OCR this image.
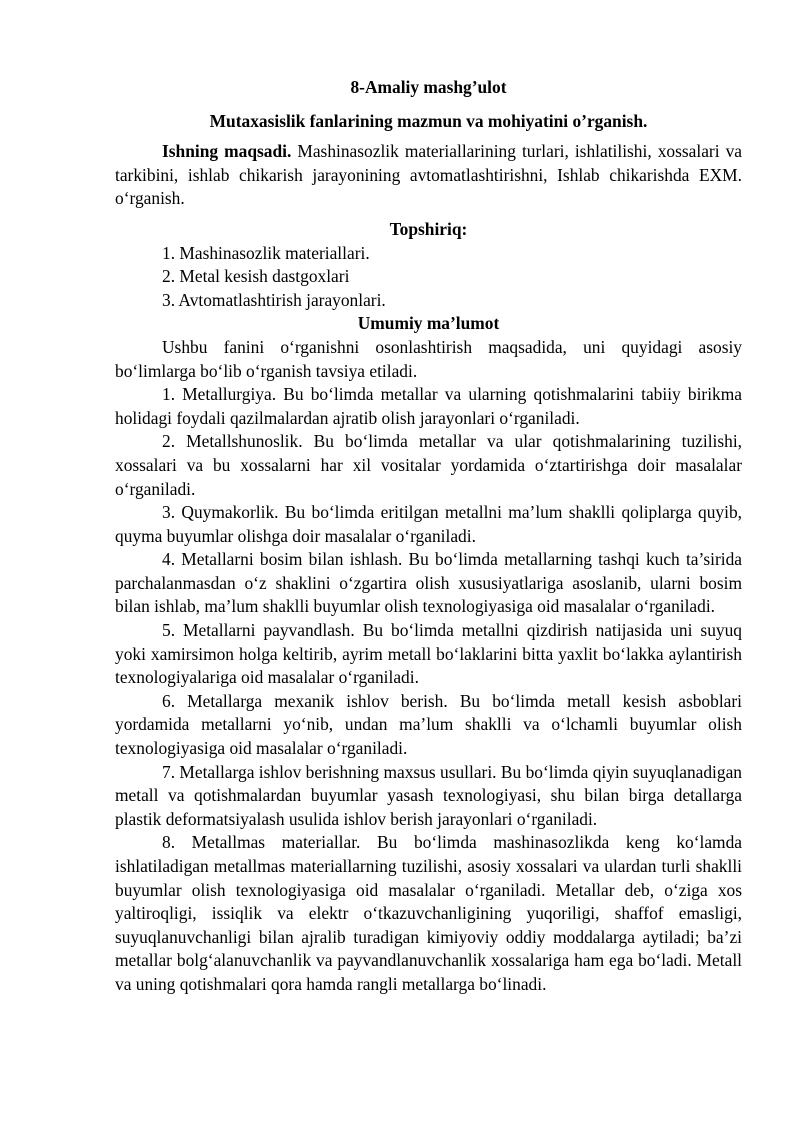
8-Amaliy mashg’ulot
Mutaxasislik fanlarining mazmun va mohiyatini o’rganish.

Ishning maqsadi. Mashinasozlik materiallarining turlari, ishlatilishi, xossalari va tarkibini, ishlab chikarish jarayonining avtomatlashtirishni, Ishlab chikarishda EXM. o‘rganish.

Topshiriq:
1. Mashinasozlik materiallari.
2. Metal kesish dastgoxlari
3. Avtomatlashtirish jarayonlari.
Umumiy ma’lumot

Ushbu fanini o‘rganishni osonlashtirish maqsadida, uni quyidagi asosiy bo‘limlarga bo‘lib o‘rganish tavsiya etiladi.

1. Metallurgiya. Bu bo‘limda metallar va ularning qotishmalarini tabiiy birikma holidagi foydali qazilmalardan ajratib olish jarayonlari o‘rganiladi.

2. Metallshunoslik. Bu bo‘limda metallar va ular qotishmalarining tuzilishi, xossalari va bu xossalarni har xil vositalar yordamida o‘ztartirishga doir masalalar o‘rganiladi.

3. Quymakorlik. Bu bo‘limda eritilgan metallni ma’lum shaklli qoliplarga quyib, quyma buyumlar olishga doir masalalar o‘rganiladi.

4. Metallarni bosim bilan ishlash. Bu bo‘limda metallarning tashqi kuch ta’sirida parchalanmasdan o‘z shaklini o‘zgartira olish xususiyatlariga asoslanib, ularni bosim bilan ishlab, ma’lum shaklli buyumlar olish texnologiyasiga oid masalalar o‘rganiladi.

5. Metallarni payvandlash. Bu bo‘limda metallni qizdirish natijasida uni suyuq yoki xamirsimon holga keltirib, ayrim metall bo‘laklarini bitta yaxlit bo‘lakka aylantirish texnologiyalariga oid masalalar o‘rganiladi.

6. Metallarga mexanik ishlov berish. Bu bo‘limda metall kesish asboblari yordamida metallarni yo‘nib, undan ma’lum shaklli va o‘lchamli buyumlar olish texnologiyasiga oid masalalar o‘rganiladi.

7. Metallarga ishlov berishning maxsus usullari. Bu bo‘limda qiyin suyuqlanadigan metall va qotishmalardan buyumlar yasash texnologiyasi, shu bilan birga detallarga plastik deformatsiyalash usulida ishlov berish jarayonlari o‘rganiladi.

8. Metallmas materiallar. Bu bo‘limda mashinasozlikda keng ko‘lamda ishlatiladigan metallmas materiallarning tuzilishi, asosiy xossalari va ulardan turli shaklli buyumlar olish texnologiyasiga oid masalalar o‘rganiladi. Metallar deb, o‘ziga xos yaltiroqligi, issiqlik va elektr o‘tkazuvchanligining yuqoriligi, shaffof emasligi, suyuqlanuvchanligi bilan ajralib turadigan kimiyoviy oddiy moddalarga aytiladi; ba’zi metallar bolg‘alanuvchanlik va payvandlanuvchanlik xossalariga ham ega bo‘ladi. Metall va uning qotishmalari qora hamda rangli metallarga bo‘linadi.
